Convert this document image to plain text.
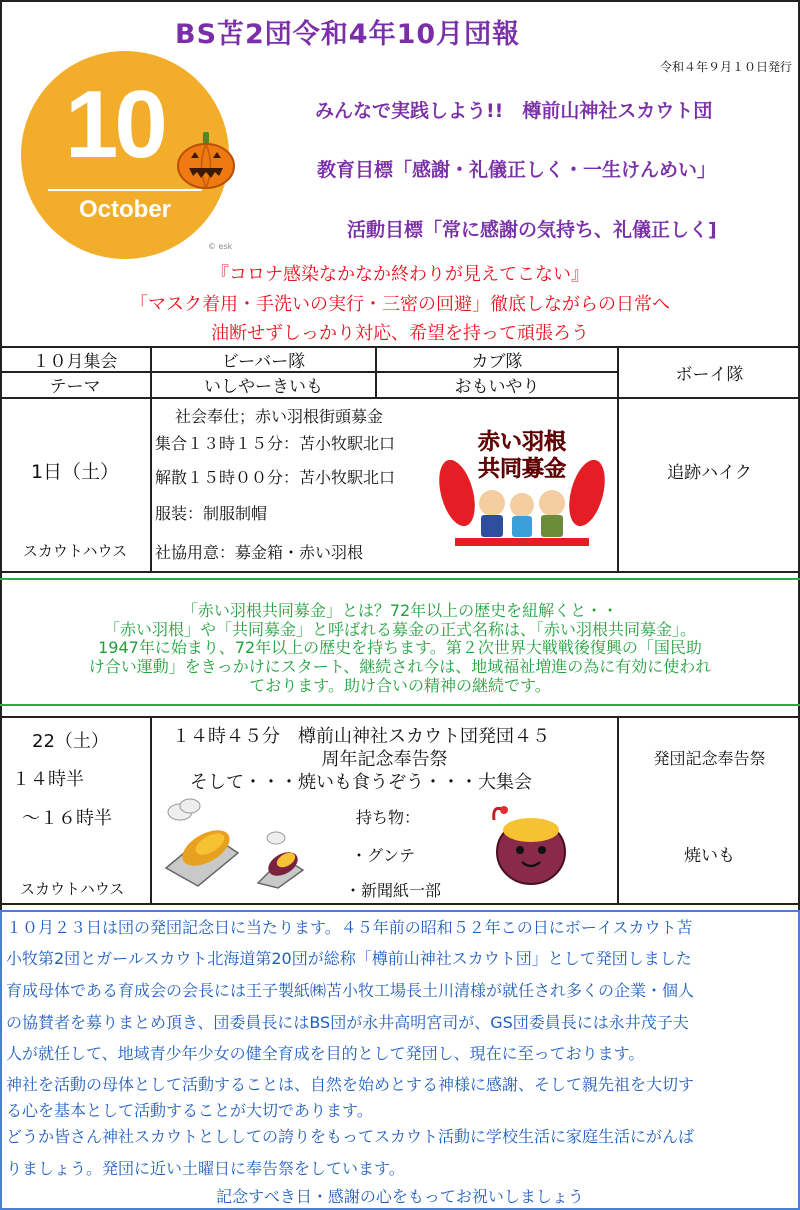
BS苫2団令和4年10月団報
令和４年９月１０日発行
10
October
© esk
みんなで実践しよう!!　樽前山神社スカウト団
教育目標「感謝・礼儀正しく・一生けんめい」
活動目標「常に感謝の気持ち、礼儀正しく]
『コロナ感染なかなか終わりが見えてこない』
「マスク着用・手洗いの実行・三密の回避」徹底しながらの日常へ
油断せずしっかり対応、希望を持って頑張ろう
１０月集会
テーマ
ビーバー隊
いしやーきいも
カブ隊
おもいやり
ボーイ隊
1日（土）
スカウトハウス
社会奉仕；赤い羽根街頭募金
集合１３時１５分：苫小牧駅北口
解散１５時００分：苫小牧駅北口
服装：制服制帽
社協用意：募金箱・赤い羽根
赤い羽根
共同募金	追跡ハイク
「赤い羽根共同募金」とは？72年以上の歴史を紐解くと・・
「赤い羽根」や「共同募金」と呼ばれる募金の正式名称は、「赤い羽根共同募金」。
1947年に始まり、72年以上の歴史を持ちます。第２次世界大戦戦後復興の「国民助
け合い運動」をきっかけにスタート、継続され今は、地域福祉増進の為に有効に使われ
ております。助け合いの精神の継続です。
22（土）
１４時半
～１６時半
スカウトハウス
１４時４５分　樽前山神社スカウト団発団４５
周年記念奉告祭
そして・・・焼いも食うぞう・・・大集会
持ち物：
・グンテ
・新聞紙一部
発団記念奉告祭
焼いも
１０月２３日は団の発団記念日に当たります。４５年前の昭和５２年この日にボーイスカウト苫
小牧第2団とガールスカウト北海道第20団が総称「樽前山神社スカウト団」として発団しました
育成母体である育成会の会長には王子製紙㈱苫小牧工場長土川清様が就任され多くの企業・個人
の協賛者を募りまとめ頂き、団委員長にはBS団が永井高明宮司が、GS団委員長には永井茂子夫
人が就任して、地域青少年少女の健全育成を目的として発団し、現在に至っております。
神社を活動の母体として活動することは、自然を始めとする神様に感謝、そして親先祖を大切す
る心を基本として活動することが大切であります。
どうか皆さん神社スカウトとししての誇りをもってスカウト活動に学校生活に家庭生活にがんば
りましょう。発団に近い土曜日に奉告祭をしています。
記念すべき日・感謝の心をもってお祝いしましょう
